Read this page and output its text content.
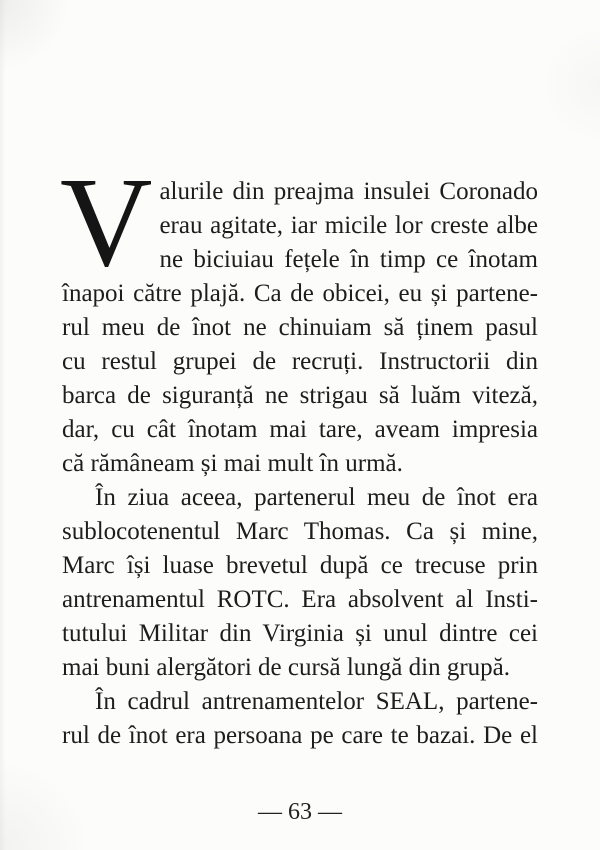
V alurile din preajma insulei Coronado
erau agitate, iar micile lor creste albe
ne biciuiau fețele în timp ce înotam
înapoi către plajă. Ca de obicei, eu și partene-
rul meu de înot ne chinuiam să ținem pasul
cu restul grupei de recruți. Instructorii din
barca de siguranță ne strigau să luăm viteză,
dar, cu cât înotam mai tare, aveam impresia
că rămâneam și mai mult în urmă.
În ziua aceea, partenerul meu de înot era
sublocotenentul Marc Thomas. Ca și mine,
Marc își luase brevetul după ce trecuse prin
antrenamentul ROTC. Era absolvent al Insti-
tutului Militar din Virginia și unul dintre cei
mai buni alergători de cursă lungă din grupă.
În cadrul antrenamentelor SEAL, partene-
rul de înot era persoana pe care te bazai. De el
— 63 —
